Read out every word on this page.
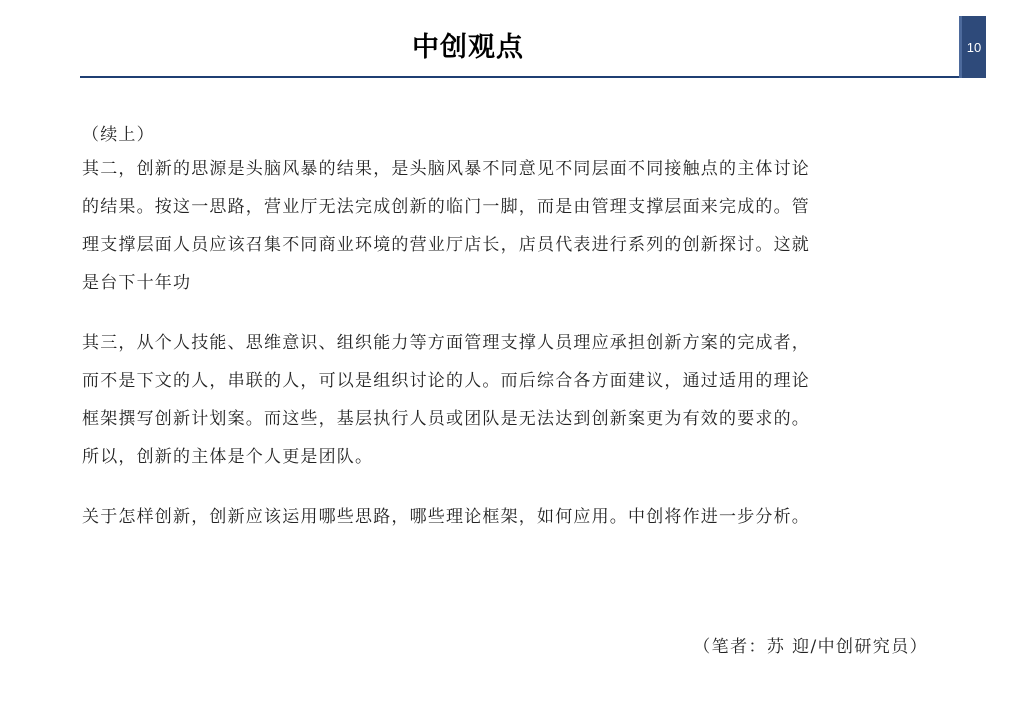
中创观点	10
（续上）
其二，创新的思源是头脑风暴的结果，是头脑风暴不同意见不同层面不同接触点的主体讨论
的结果。按这一思路，营业厅无法完成创新的临门一脚，而是由管理支撑层面来完成的。管
理支撑层面人员应该召集不同商业环境的营业厅店长，店员代表进行系列的创新探讨。这就
是台下十年功
其三，从个人技能、思维意识、组织能力等方面管理支撑人员理应承担创新方案的完成者，
而不是下文的人，串联的人，可以是组织讨论的人。而后综合各方面建议，通过适用的理论
框架撰写创新计划案。而这些，基层执行人员或团队是无法达到创新案更为有效的要求的。
所以，创新的主体是个人更是团队。
关于怎样创新，创新应该运用哪些思路，哪些理论框架，如何应用。中创将作进一步分析。
（笔者：苏 迎/中创研究员）
